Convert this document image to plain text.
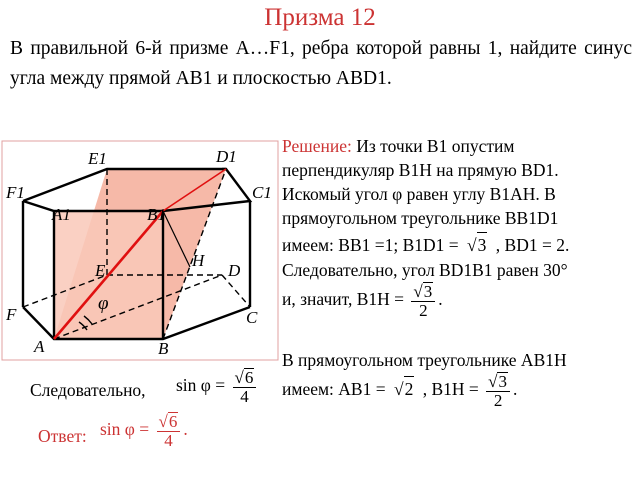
Призма 12
В правильной 6-й призме A…F1, ребра которой равны 1, найдите синус угла между прямой AB1 и плоскостью ABD1.
E1	D1
F1	C1
A1	B1
E
H
D
F	C
A	B
φ
Решение: Из точки B1 опустим
перпендикуляр B1H на прямую BD1.
Искомый угол φ равен углу B1AH. В
прямоугольном треугольнике BB1D1
имеем: BB1 =1; B1D1 = √3 , BD1 = 2.
Следовательно, угол BD1B1 равен 30°
и, значит, $B1H = \frac{√3}{2}$ .
В прямоугольном треугольнике AB1H
имеем: AB1 = √2 , $B1H = \frac{√3}{2}$ .
Следовательно, $\sin \varphi = \frac{√6}{4}$
Ответ: $\sin \varphi = \frac{√6}{4}$ .
